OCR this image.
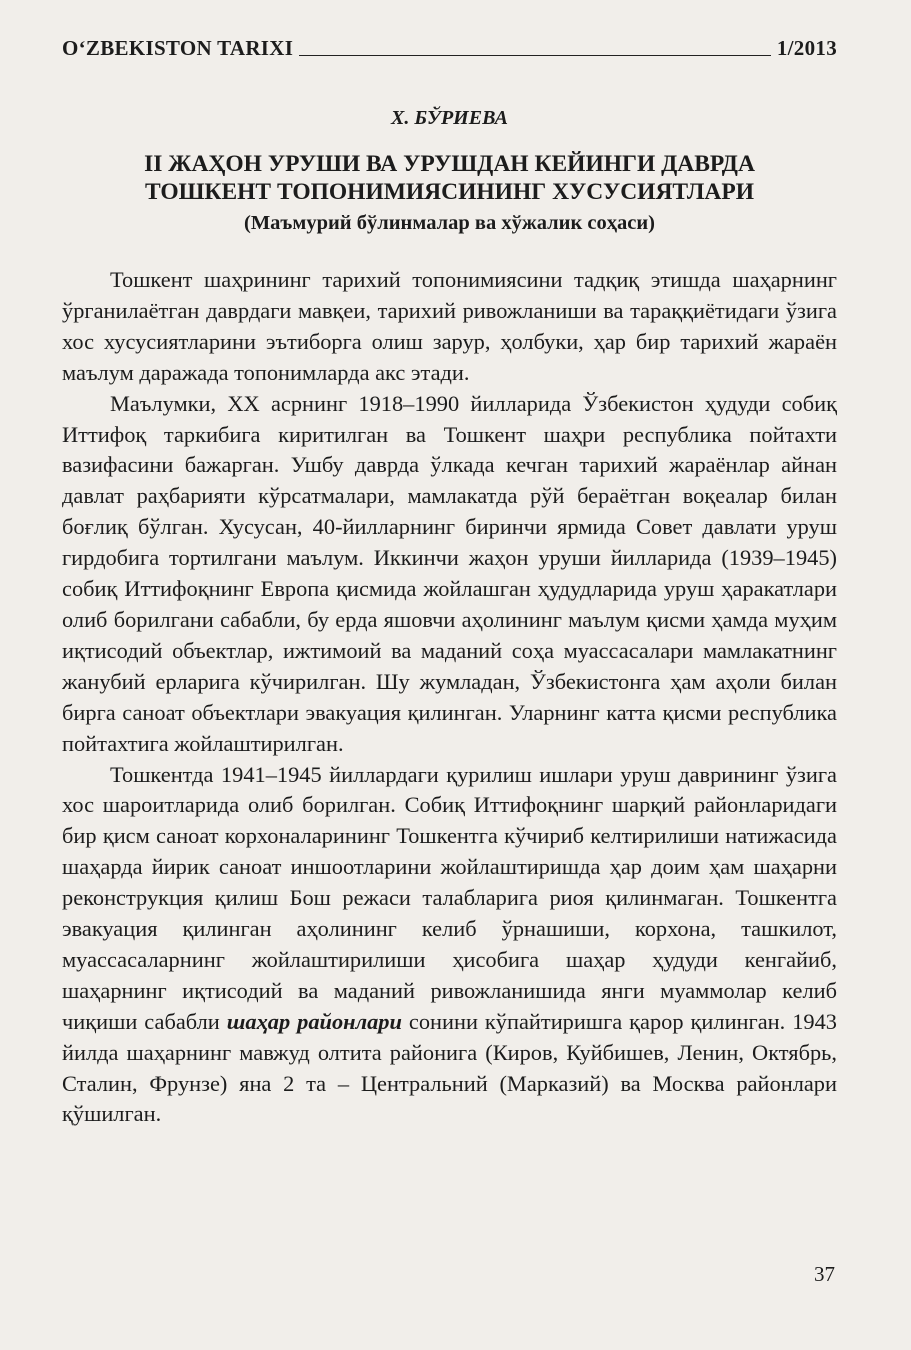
O‘ZBEKISTON TARIXI	1/2013
Х. БЎРИЕВА
II ЖАҲОН УРУШИ ВА УРУШДАН КЕЙИНГИ ДАВРДА
ТОШКЕНТ ТОПОНИМИЯСИНИНГ ХУСУСИЯТЛАРИ
(Маъмурий бўлинмалар ва хўжалик соҳаси)

Тошкент шаҳрининг тарихий топонимиясини тадқиқ этишда шаҳарнинг ўрганилаётган даврдаги мавқеи, тарихий ривожланиши ва тараққиётидаги ўзига хос хусусиятларини эътиборга олиш зарур, ҳолбуки, ҳар бир тарихий жараён маълум даражада топонимларда акс этади.

Маълумки, XX асрнинг 1918–1990 йилларида Ўзбекистон ҳудуди собиқ Иттифоқ таркибига киритилган ва Тошкент шаҳри республика пойтахти вазифасини бажарган. Ушбу даврда ўлкада кечган тарихий жараёнлар айнан давлат раҳбарияти кўрсатмалари, мамлакатда рўй бераётган воқеалар билан боғлиқ бўлган. Хусусан, 40-йилларнинг биринчи ярмида Совет давлати уруш гирдобига тортилгани маълум. Иккинчи жаҳон уруши йилларида (1939–1945) собиқ Иттифоқнинг Европа қисмида жойлашган ҳудудларида уруш ҳаракатлари олиб борилгани сабабли, бу ерда яшовчи аҳолининг маълум қисми ҳамда муҳим иқтисодий объектлар, ижтимоий ва маданий соҳа муассасалари мамлакатнинг жанубий ерларига кўчирилган. Шу жумладан, Ўзбекистонга ҳам аҳоли билан бирга саноат объектлари эвакуация қилинган. Уларнинг катта қисми республика пойтахтига жойлаштирилган.

Тошкентда 1941–1945 йиллардаги қурилиш ишлари уруш даврининг ўзига хос шароитларида олиб борилган. Собиқ Иттифоқнинг шарқий районларидаги бир қисм саноат корхоналарининг Тошкентга кўчириб келтирилиши натижасида шаҳарда йирик саноат иншоотларини жойлаштиришда ҳар доим ҳам шаҳарни реконструкция қилиш Бош режаси талабларига риоя қилинмаган. Тошкентга эвакуация қилинган аҳолининг келиб ўрнашиши, корхона, ташкилот, муассасаларнинг жойлаштирилиши ҳисобига шаҳар ҳудуди кенгайиб, шаҳарнинг иқтисодий ва маданий ривожланишида янги муаммолар келиб чиқиши сабабли шаҳар районлари сонини кўпайтиришга қарор қилинган. 1943 йилда шаҳарнинг мавжуд олтита районига (Киров, Куйбишев, Ленин, Октябрь, Сталин, Фрунзе) яна 2 та – Центральний (Марказий) ва Москва районлари қўшилган.

37
